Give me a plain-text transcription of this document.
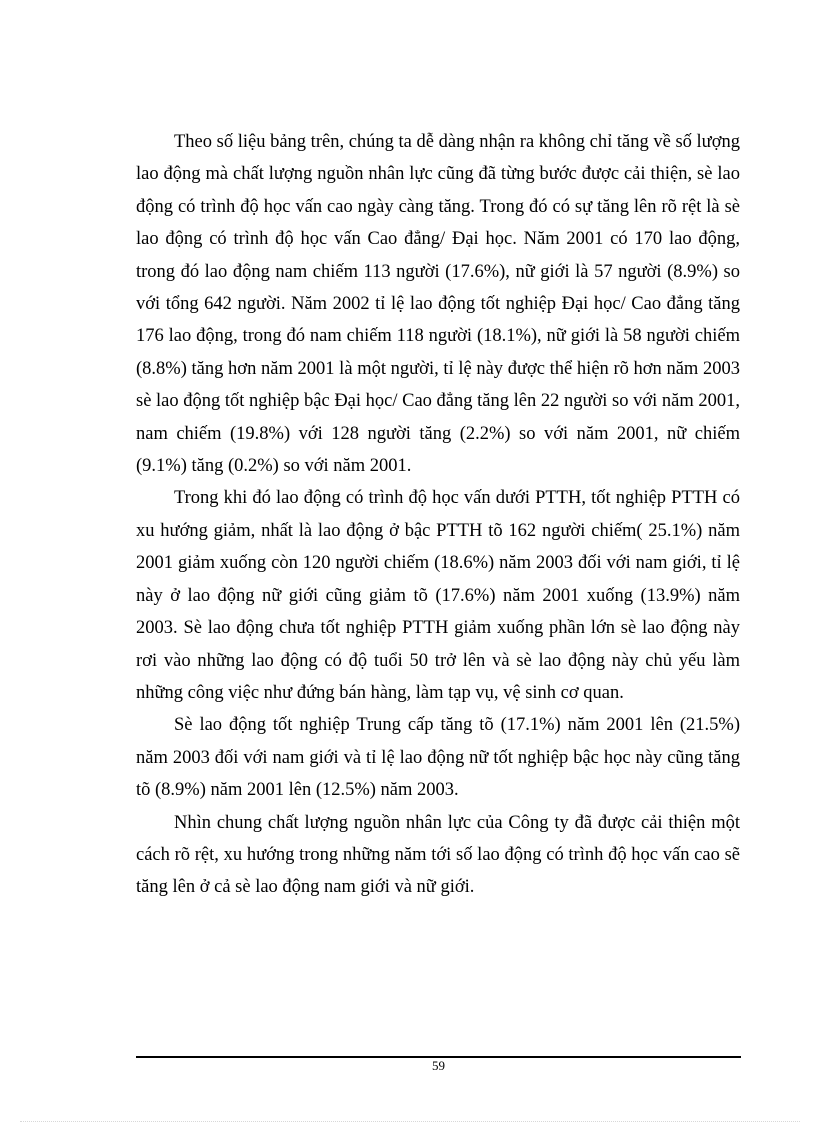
Theo số liệu bảng trên, chúng ta dễ dàng nhận ra không chỉ tăng về số lượng lao động mà chất lượng nguồn nhân lực cũng đã từng bước được cải thiện, sè lao động có trình độ học vấn cao ngày càng tăng. Trong đó có sự tăng lên rõ rệt là sè lao động có trình độ học vấn Cao đẳng/ Đại học. Năm 2001 có 170 lao động, trong đó lao động nam chiếm 113 người (17.6%), nữ giới là 57 người (8.9%) so với tổng 642 người. Năm 2002 tỉ lệ lao động tốt nghiệp Đại học/ Cao đẳng tăng 176 lao động, trong đó nam chiếm 118 người (18.1%), nữ giới là 58 người chiếm (8.8%) tăng hơn năm 2001 là một người, tỉ lệ này được thể hiện rõ hơn năm 2003 sè lao động tốt nghiệp bậc Đại học/ Cao đẳng tăng lên 22 người so với năm 2001, nam chiếm (19.8%) với 128 người tăng (2.2%) so với năm 2001, nữ chiếm (9.1%) tăng (0.2%) so với năm 2001.

Trong khi đó lao động có trình độ học vấn dưới PTTH, tốt nghiệp PTTH có xu hướng giảm, nhất là lao động ở bậc PTTH tõ 162 người chiếm( 25.1%) năm 2001 giảm xuống còn 120 người chiếm (18.6%) năm 2003 đối với nam giới, tỉ lệ này ở lao động nữ giới cũng giảm tõ (17.6%) năm 2001 xuống (13.9%) năm 2003. Sè lao động chưa tốt nghiệp PTTH giảm xuống phần lớn sè lao động này rơi vào những lao động có độ tuổi 50 trở lên và sè lao động này chủ yếu làm những công việc như đứng bán hàng, làm tạp vụ, vệ sinh cơ quan.

Sè lao động tốt nghiệp Trung cấp tăng tõ (17.1%) năm 2001 lên (21.5%) năm 2003 đối với nam giới và tỉ lệ lao động nữ tốt nghiệp bậc học này cũng tăng tõ (8.9%) năm 2001 lên (12.5%) năm 2003.

Nhìn chung chất lượng nguồn nhân lực của Công ty đã được cải thiện một cách rõ rệt, xu hướng trong những năm tới số lao động có trình độ học vấn cao sẽ tăng lên ở cả sè lao động nam giới và nữ giới.

59
